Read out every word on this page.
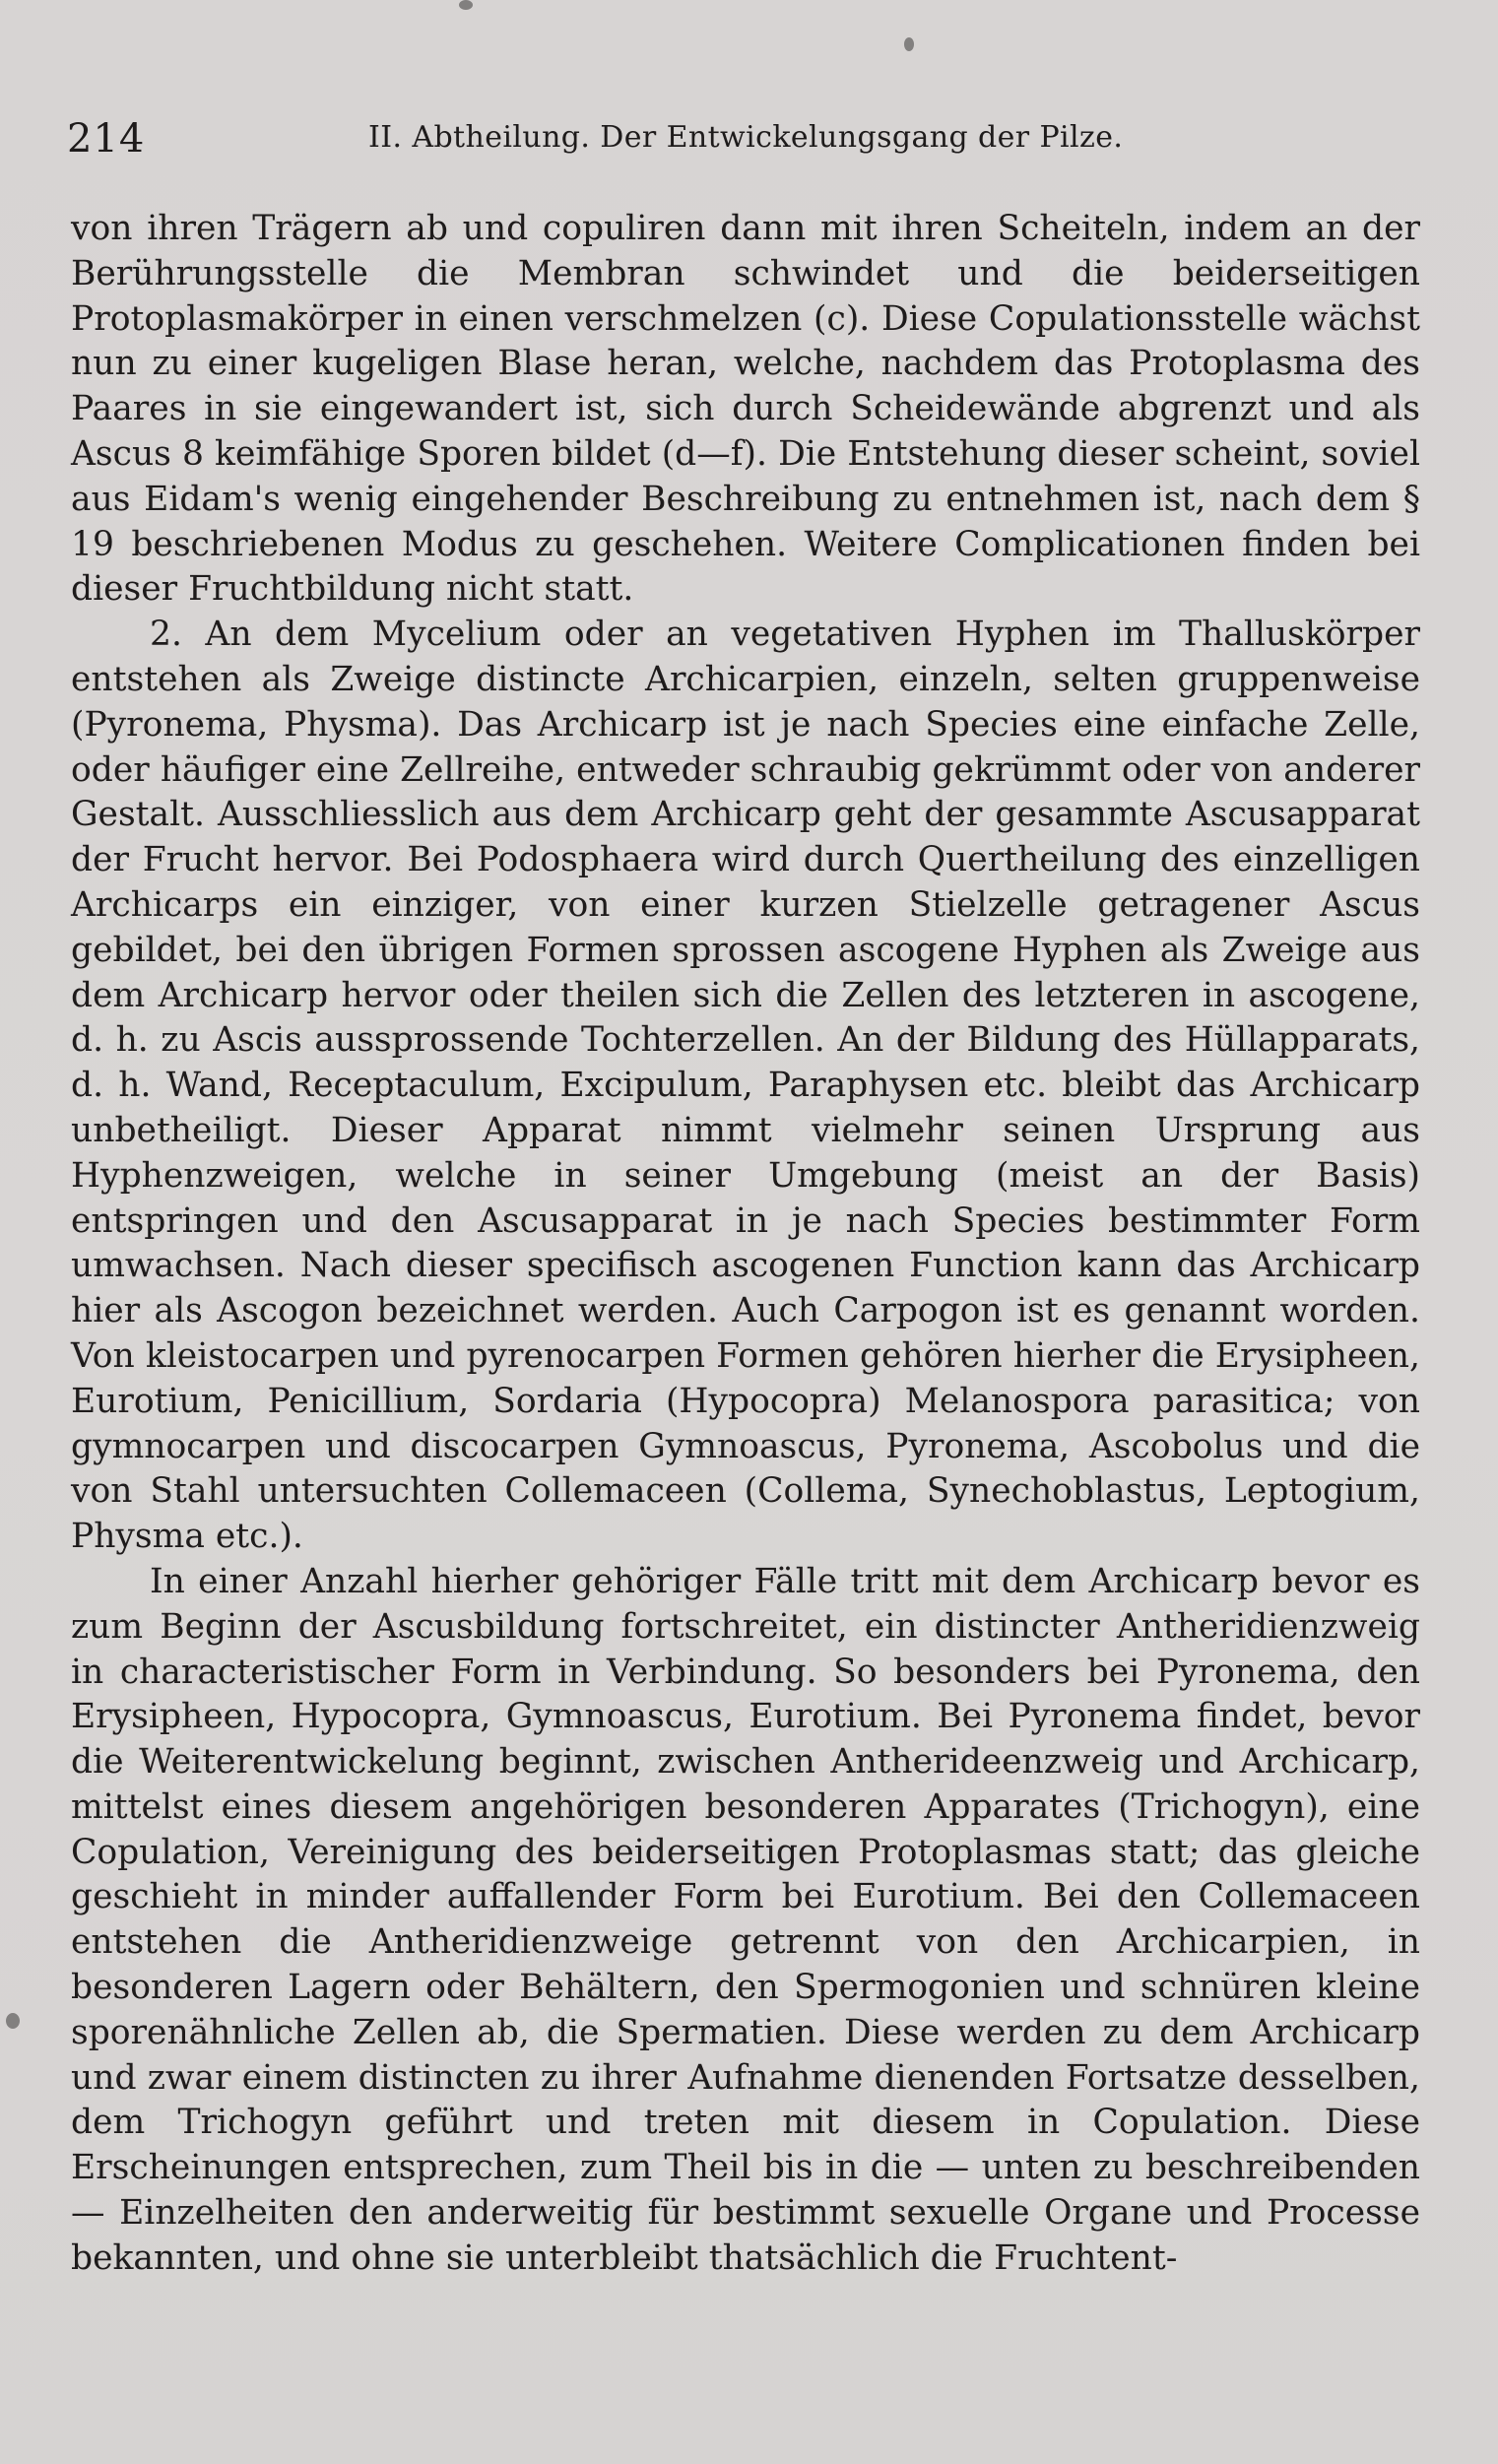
214	II. Abtheilung. Der Entwickelungsgang der Pilze.

von ihren Trägern ab und copuliren dann mit ihren Scheiteln, indem an der Berührungsstelle die Membran schwindet und die beiderseitigen Protoplasmakörper in einen verschmelzen (c). Diese Copulationsstelle wächst nun zu einer kugeligen Blase heran, welche, nachdem das Protoplasma des Paares in sie eingewandert ist, sich durch Scheidewände abgrenzt und als Ascus 8 keimfähige Sporen bildet (d—f). Die Entstehung dieser scheint, soviel aus Eidam's wenig eingehender Beschreibung zu entnehmen ist, nach dem § 19 beschriebenen Modus zu geschehen. Weitere Complicationen finden bei dieser Fruchtbildung nicht statt.

2. An dem Mycelium oder an vegetativen Hyphen im Thalluskörper entstehen als Zweige distincte Archicarpien, einzeln, selten gruppenweise (Pyronema, Physma). Das Archicarp ist je nach Species eine einfache Zelle, oder häufiger eine Zellreihe, entweder schraubig gekrümmt oder von anderer Gestalt. Ausschliesslich aus dem Archicarp geht der gesammte Ascusapparat der Frucht hervor. Bei Podosphaera wird durch Quertheilung des einzelligen Archicarps ein einziger, von einer kurzen Stielzelle getragener Ascus gebildet, bei den übrigen Formen sprossen ascogene Hyphen als Zweige aus dem Archicarp hervor oder theilen sich die Zellen des letzteren in ascogene, d. h. zu Ascis aussprossende Tochterzellen. An der Bildung des Hüllapparats, d. h. Wand, Receptaculum, Excipulum, Paraphysen etc. bleibt das Archicarp unbetheiligt. Dieser Apparat nimmt vielmehr seinen Ursprung aus Hyphenzweigen, welche in seiner Umgebung (meist an der Basis) entspringen und den Ascusapparat in je nach Species bestimmter Form umwachsen. Nach dieser specifisch ascogenen Function kann das Archicarp hier als Ascogon bezeichnet werden. Auch Carpogon ist es genannt worden. Von kleistocarpen und pyrenocarpen Formen gehören hierher die Erysipheen, Eurotium, Penicillium, Sordaria (Hypocopra) Melanospora parasitica; von gymnocarpen und discocarpen Gymnoascus, Pyronema, Ascobolus und die von Stahl untersuchten Collemaceen (Collema, Synechoblastus, Leptogium, Physma etc.).

In einer Anzahl hierher gehöriger Fälle tritt mit dem Archicarp bevor es zum Beginn der Ascusbildung fortschreitet, ein distincter Antheridienzweig in characteristischer Form in Verbindung. So besonders bei Pyronema, den Erysipheen, Hypocopra, Gymnoascus, Eurotium. Bei Pyronema findet, bevor die Weiterentwickelung beginnt, zwischen Antherideenzweig und Archicarp, mittelst eines diesem angehörigen besonderen Apparates (Trichogyn), eine Copulation, Vereinigung des beiderseitigen Protoplasmas statt; das gleiche geschieht in minder auffallender Form bei Eurotium. Bei den Collemaceen entstehen die Antheridienzweige getrennt von den Archicarpien, in besonderen Lagern oder Behältern, den Spermogonien und schnüren kleine sporenähnliche Zellen ab, die Spermatien. Diese werden zu dem Archicarp und zwar einem distincten zu ihrer Aufnahme dienenden Fortsatze desselben, dem Trichogyn geführt und treten mit diesem in Copulation. Diese Erscheinungen entsprechen, zum Theil bis in die — unten zu beschreibenden — Einzelheiten den anderweitig für bestimmt sexuelle Organe und Processe bekannten, und ohne sie unterbleibt thatsächlich die Fruchtent-
